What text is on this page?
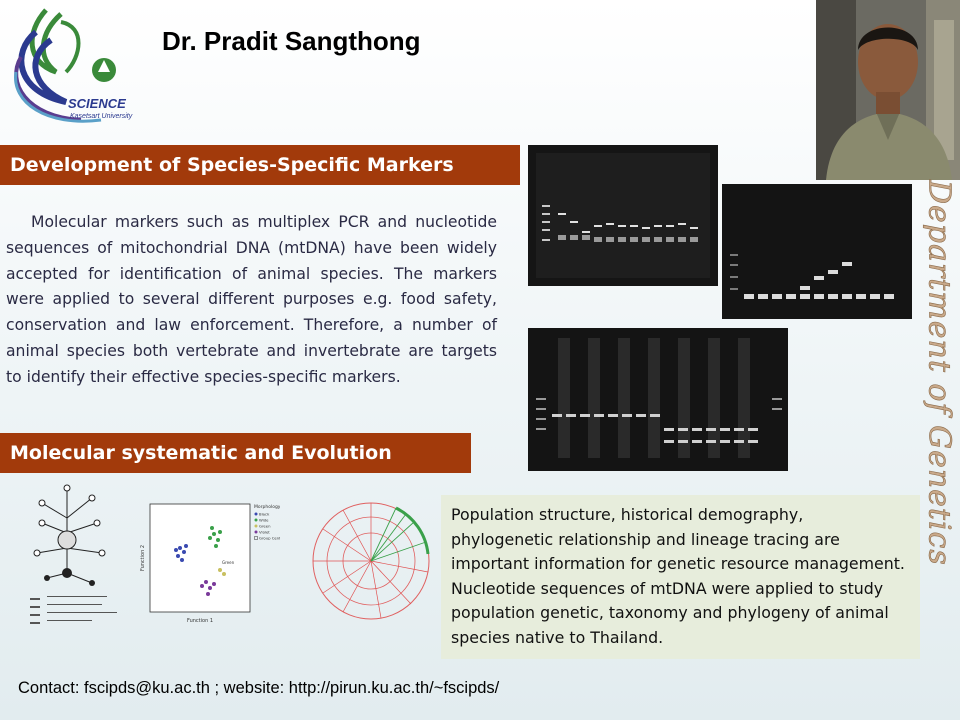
SCIENCE
Kasetsart University
Dr. Pradit Sangthong
Development of Species-Specific Markers
Molecular markers such as multiplex PCR and nucleotide sequences of mitochondrial DNA (mtDNA) have been widely accepted for identification of animal species. The markers were applied to several different purposes e.g. food safety, conservation and law enforcement. Therefore, a number of animal species both vertebrate and invertebrate are targets to identify their effective species-specific markers.	Department of Genetics
Molecular systematic and Evolution
Green
Function 1
Function 2
Morphology
Black
Wide
Green
Violet
Group Centr
Population structure, historical demography, phylogenetic relationship and lineage tracing are important information for genetic resource management. Nucleotide sequences of mtDNA were applied to study population genetic, taxonomy and phylogeny of animal species native to Thailand.
Contact: fscipds@ku.ac.th ; website: http://pirun.ku.ac.th/~fscipds/
